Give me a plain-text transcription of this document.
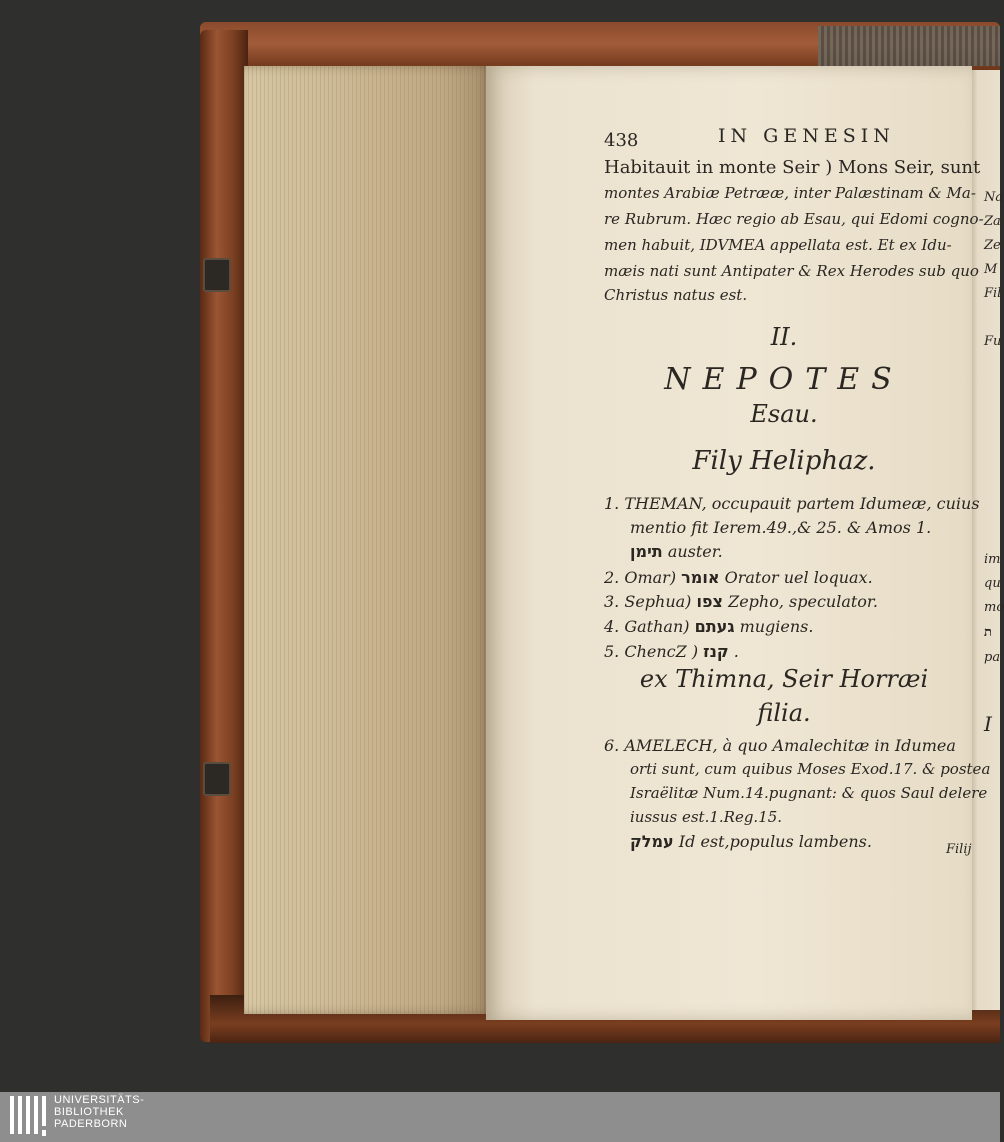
438	IN GENESIN
Habitauit in monte Seir ) Mons Seir, sunt
montes Arabiæ Petrææ, inter Palæstinam & Ma-
re Rubrum. Hæc regio ab Esau, qui Edomi cogno-
men habuit, IDVMEA appellata est. Et ex Idu-
mæis nati sunt Antipater & Rex Herodes sub quo
Christus natus est.
II.
NEPOTES
Esau.
Fily Heliphaz.
1. THEMAN, occupauit partem Idumeæ, cuius
mentio fit Ierem.49.,& 25. & Amos 1.
תימן auster.
2. Omar) אומר Orator uel loquax.
3. Sephua) צפו Zepho, speculator.
4. Gathan) געתם mugiens.
5. ChencZ ) קנז .
ex Thimna, Seir Horræi
filia.
6. AMELECH, à quo Amalechitæ in Idumea
orti sunt, cum quibus Moses Exod.17. & postea
Israëlitæ Num.14.pugnant: & quos Saul delere
iussus est.1.Reg.15.
עמלק Id est,populus lambens.	Filij
Na
Za
Ze
M
Fil
Fu
im
qu
mo
ת
pa
I
UNIVERSITÄTS-
BIBLIOTHEK
PADERBORN
